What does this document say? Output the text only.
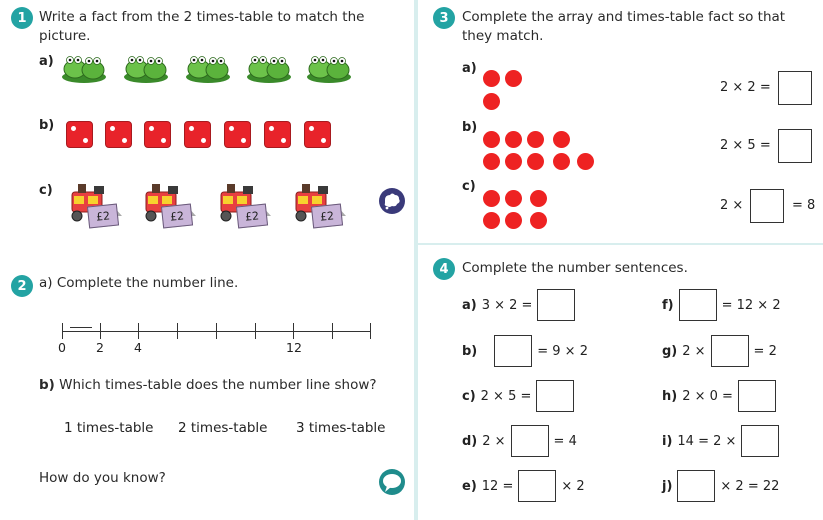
1 Write a fact from the 2 times-table to match the picture.
a)
b)
c)
£2	£2	£2	£2
2 a) Complete the number line.
0 2 4	12
b) Which times-table does the number line show?
1 times-table 2 times-table 3 times-table
How do you know?
3 Complete the array and times-table fact so that they match.
a)
2 × 2 =
b)
2 × 5 =
c)
2 ×	= 8
4 Complete the number sentences.
a) 3 × 2 =
b)	= 9 × 2
c) 2 × 5 =
d) 2 ×	= 4
e) 12 =	× 2
f)	= 12 × 2
g) 2 ×	= 2
h) 2 × 0 =
i) 14 = 2 ×
j)	× 2 = 22
